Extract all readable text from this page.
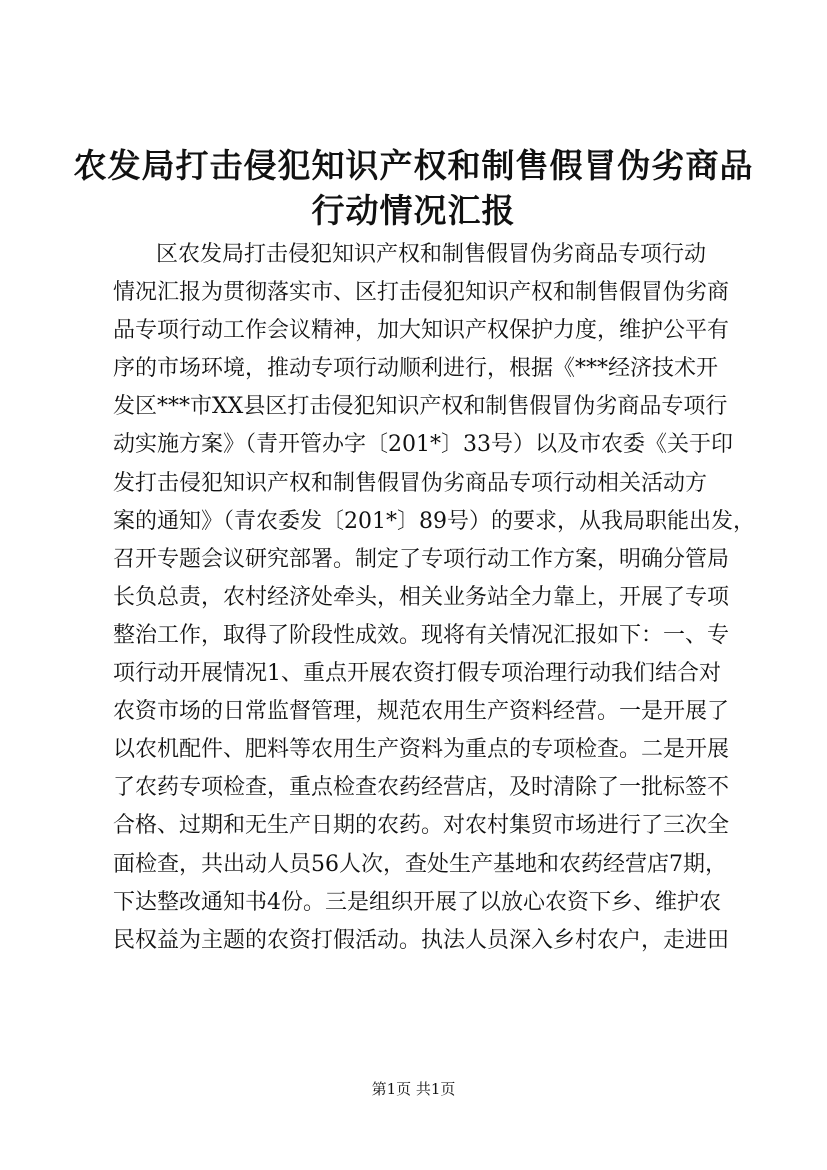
农发局打击侵犯知识产权和制售假冒伪劣商品
行动情况汇报
区农发局打击侵犯知识产权和制售假冒伪劣商品专项行动
情况汇报为贯彻落实市、区打击侵犯知识产权和制售假冒伪劣商
品专项行动工作会议精神，加大知识产权保护力度，维护公平有
序的市场环境，推动专项行动顺利进行，根据《***经济技术开
发区***市XX县区打击侵犯知识产权和制售假冒伪劣商品专项行
动实施方案》（青开管办字〔201*〕33号）以及市农委《关于印
发打击侵犯知识产权和制售假冒伪劣商品专项行动相关活动方
案的通知》（青农委发〔201*〕89号）的要求，从我局职能出发，
召开专题会议研究部署。制定了专项行动工作方案，明确分管局
长负总责，农村经济处牵头，相关业务站全力靠上，开展了专项
整治工作，取得了阶段性成效。现将有关情况汇报如下：一、专
项行动开展情况1、重点开展农资打假专项治理行动我们结合对
农资市场的日常监督管理，规范农用生产资料经营。一是开展了
以农机配件、肥料等农用生产资料为重点的专项检查。二是开展
了农药专项检查，重点检查农药经营店，及时清除了一批标签不
合格、过期和无生产日期的农药。对农村集贸市场进行了三次全
面检查，共出动人员56人次，查处生产基地和农药经营店7期，
下达整改通知书4份。三是组织开展了以放心农资下乡、维护农
民权益为主题的农资打假活动。执法人员深入乡村农户，走进田
第1页 共1页
